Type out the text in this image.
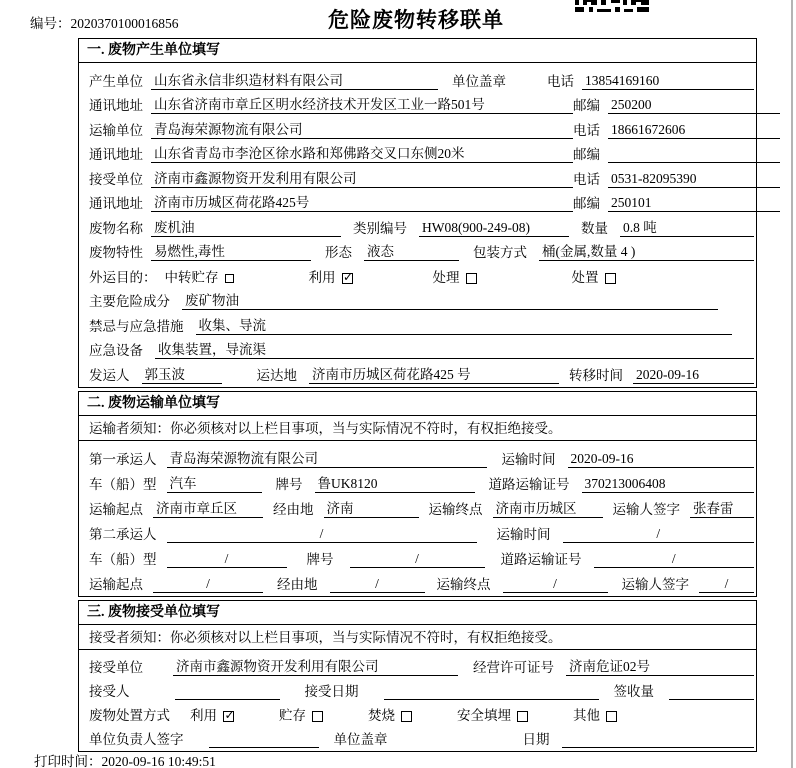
编号：2020370100016856	危险废物转移联单
一. 废物产生单位填写
产生单位 山东省永信非织造材料有限公司	单位盖章	电话 13854169160
通讯地址 山东省济南市章丘区明水经济技术开发区工业一路501号	邮编 250200
运输单位 青岛海荣源物流有限公司	电话 18661672606
通讯地址 山东省青岛市李沧区徐水路和郑佛路交叉口东侧20米	邮编
接受单位 济南市鑫源物资开发利用有限公司	电话 0531-82095390
通讯地址 济南市历城区荷花路425号	邮编 250101
废物名称 废机油	类别编号 HW08(900-249-08)	数量 0.8 吨
废物特性 易燃性,毒性	形态 液态	包装方式 桶(金属,数量 4 )
外运目的： 中转贮存	利用 ✓	处理	处置
主要危险成分 废矿物油
禁忌与应急措施 收集、导流
应急设备 收集装置，导流渠
发运人 郭玉波	运达地 济南市历城区荷花路425 号	转移时间 2020-09-16
二. 废物运输单位填写
运输者须知：你必须核对以上栏目事项，当与实际情况不符时，有权拒绝接受。
第一承运人 青岛海荣源物流有限公司	运输时间 2020-09-16
车（船）型 汽车	牌号 鲁UK8120	道路运输证号 370213006408
运输起点 济南市章丘区	经由地 济南	运输终点 济南市历城区	运输人签字 张春雷
第二承运人	/	运输时间	/
车（船）型	/	牌号	/	道路运输证号	/
运输起点	/	经由地	/	运输终点	/	运输人签字	/
三. 废物接受单位填写
接受者须知：你必须核对以上栏目事项，当与实际情况不符时，有权拒绝接受。
接受单位 济南市鑫源物资开发利用有限公司	经营许可证号 济南危证02号
接受人	接受日期	签收量
废物处置方式 利用 ✓	贮存	焚烧	安全填埋	其他
单位负责人签字	单位盖章	日期
打印时间：2020-09-16 10:49:51
